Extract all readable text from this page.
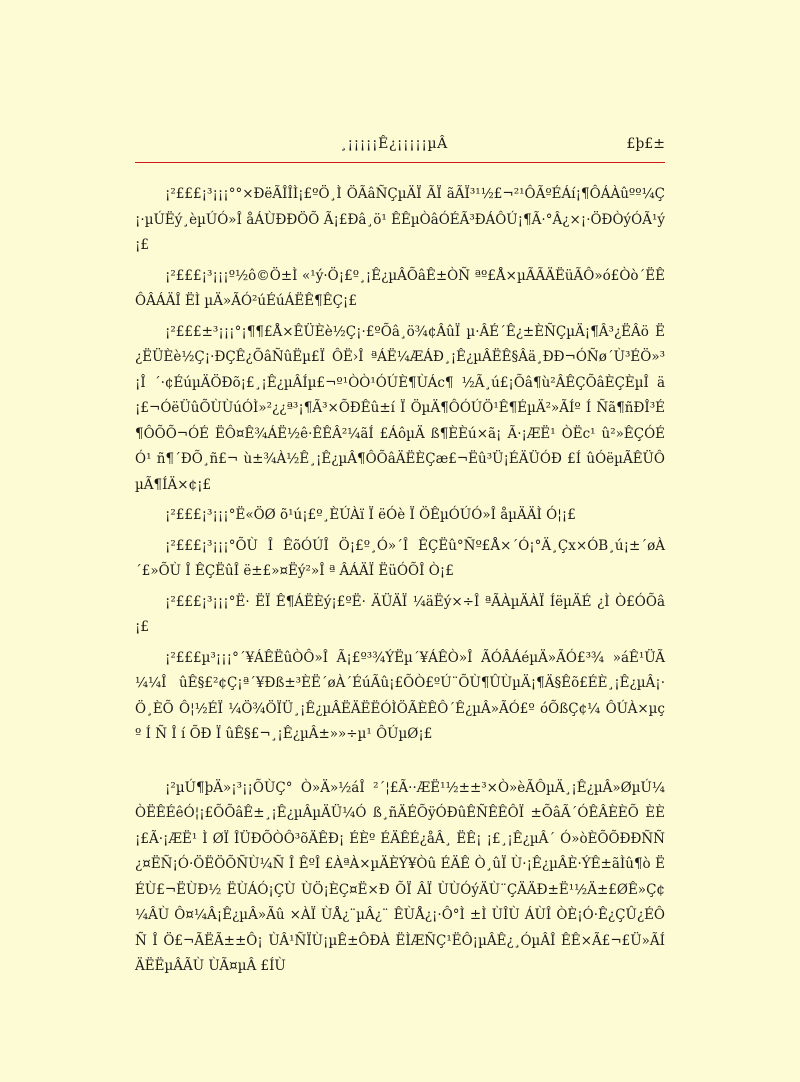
¸¡¡¡¡¡Ê¿¡¡¡¡¡µÂ	£þ£±

¡²£££¡³¡¡¡°°×ÐëÃÎÎÌ¡£ºÖ¸Ì ÖÃâÑÇµÄÏ ÃÏ ãÃÏ³¹½£¬²¹ÔÃºÉÁí¡¶ÔÁÀûºº¼Ç¡·µÚËý¸èµÚÓ»Î åÁÙÐÐÖÕ Ã¡£Ðâ¸ö¹ ÊÊµÒâÓÉÃ³ÐÁÔÚ¡¶Ã·°Â¿×¡·ÖÐÒýÓÃ¹ý¡£

¡²£££¡³¡¡¡º½ô©Ö±Ì «¹ý·Ö¡£º¸¡Ê¿µÂÕâÊ±ÒÑ ªº£Å×µÃÃÄËüÃÔ»ó£Òò´ËÊÔÂÁÄÎ ËÌ µÄ»ÃÓ²úÉúÁËÊ¶ÊÇ¡£

¡²£££±³¡¡¡°¡¶¶£Å×ÊÜÈè½Ç¡·£ºÕâ¸ö¾¢ÂûÏ µ·ÂÉ´Ê¿±ÈÑÇµÄ¡¶Â³¿ËÂö Ë¿ËÜÈè½Ç¡·ÐÇÊ¿ÕâÑûËµ£Ï ÔË›Î ªÁË¼ÆÁÐ¸¡Ê¿µÂËÊ§Âä¸ÐÐ¬ÓÑø´Ù³ÉÖ»³¡Î ´·¢ÉúµÄÖÐõ¡£¸¡Ê¿µÂÍµ£¬º¹ÒÒ¹ÓÚÈ¶ÙÁc¶ ½Ã¸ú£¡Õâ¶ù²ÂÊÇÕâÈÇÈµÎ ä¡£¬ÓëÜûÕÙÙúÓÌ»²¿¿ª³¡¶Ã³×ÕÐÊû±í Ï ÖµÄ¶ÔÓÚÖ¹Ê¶ÉµÄ²»ÃÍº Í Ñã¶ñÐÎ³É ¶ÔÕÕ¬ÓÉ ËÔ¤Ê¾ÁË½ê·ÊÊÂ²¼ãÍ £ÁôµÄ ß¶ÈÈú×ã¡ Ã·¡ÆË¹ ÒËc¹ û²»ÊÇÓÉÓ¹ ñ¶´ÐÕ¸ñ£¬ ù±¾À½Ê¸¡Ê¿µÂ¶ÔÕâÄËÈÇæ£¬Ëû³Ü¡ÉÄÜÓÐ £Í ûÓëµÃÊÜÔµÃ¶ÍÄ×¢¡£

¡²£££¡³¡¡¡°Ë«ÖØ õ¹ú¡£º¸ÈÚÀï Ï ëÓè Ï ÖÊµÓÚÓ»Î åµÄÄÌ Ó¦¡£

¡²£££¡³¡¡¡°ÕÙ Î ÊõÓÚÎ Ö¡£º¸Ó»´Î ÊÇËû°Ñº£Å×´Ó¡°Ä¸Çx×ÓB¸ú¡±´øÀ´£»ÕÙ Î ÊÇËûÎ ë±£»¤Ëý²»Î ª ÂÁÄÏ ËüÓÕÎ Ò¡£

¡²£££¡³¡¡¡°Ë· ËÏ Ê¶ÁËÈý¡£ºË· ÄÜÄÏ ¼äËý×÷Î ªÃÀµÄÀÏ ÍëµÄÉ ¿Ì Ò£ÓÕâ¡£

¡²£££µ³¡¡¡°´¥ÁÊËûÒÔ»Î Ã¡£º³¾ÝËµ´¥ÁÊÒ»Î ÃÓÂÁéµÄ»ÃÓ£³¾ »áÊ¹ÜÃ¼¼Î ûÊ§£²¢Ç¡ª´¥Ðß±³ÈË´øÀ´ÉúÃû¡£ÕÒ£ºÚ¨ÕÙ¶ÛÙµÄ¡¶Ä§Êõ£ÉÈ¸¡Ê¿µÂ¡·Ö¸ÈÕ Ô¦½ÉÏ ¼Ö¾ÖÏÜ¸¡Ê¿µÂËÄËËÓÌÖÃÈÊÔ´Ê¿µÂ»ÃÓ£º óÕßÇ¢¼ ÔÚÀ×µç º Í Ñ Î í ÕÐ Ï ûÊ§£¬¸¡Ê¿µÂ±»»÷µ¹ ÔÚµØ¡£

¡²µÚ¶þÄ»¡³¡¡ÕÙÇ° Ò»Ä»½áÎ ²´¦£Ã··ÆË¹½±±³×Ò»èÃÔµÄ¸¡Ê¿µÂ»ØµÚ¼ÒËÊÉêÓ¦¡£ÕÕâÊ±¸¡Ê¿µÂµÄÜ¼Ó ß¸ñÄÉÕÿÓÐûÊÑÊÊÔÏ ±ÕâÃ´ÓÊÂÈÈÕ ÈÈ¡£Ã·¡ÆË¹ Ì ØÏ ÎÜÐÕÒÔ³õÄÊÐ¡ ÉÈº ÉÄÊÉ¿åÂ¸ ËÊ¡ ¡£¸¡Ê¿µÂ´ Ó»òÈÕÕÐÐÑÑ ¿¤ËÑ¡Ó·ÖËÖÕÑÙ¼Ñ Î ÊºÎ £ÀªÀ×µÄÈÝ¥Òû ÉÄÊ Ò¸ûÏ Ù·¡Ê¿µÂÈ·ÝÊ±ãÌû¶ò ËÉÙ£¬ËÙÐ½ ËÙÁÓ¡ÇÙ ÙÖ¡ÈÇ¤Ë×Ð ÕÏ ÂÏ ÙÙÓýÄÙ¨ÇÄÄÐ±Ë¹½Ä±£ØÊ»Ç¢¼ÂÙ Ô¤¼Â¡Ê¿µÂ»Ãû ×ÀÏ ÙÅ¿¨µÂ¿¨ ÊÙÅ¿¡·Ô°Ì ±Ì ÙÎÙ ÁÙÎ ÒÈ¡Ó·Ê¿ÇÛ¿ÉÔÑ Î Ö£¬ÃËÃ±±Ô¡ ÙÂ¹ÑÏÙ¡µÊ±ÔÐÀ ËÌÆÑÇ¹ËÔ¡µÂÊ¿¸ÓµÂÎ ÊÊ×Ã£¬£Ü»ÃÍÄËËµÂÃÙ ÙÃ¤µÂ £ÍÙ
